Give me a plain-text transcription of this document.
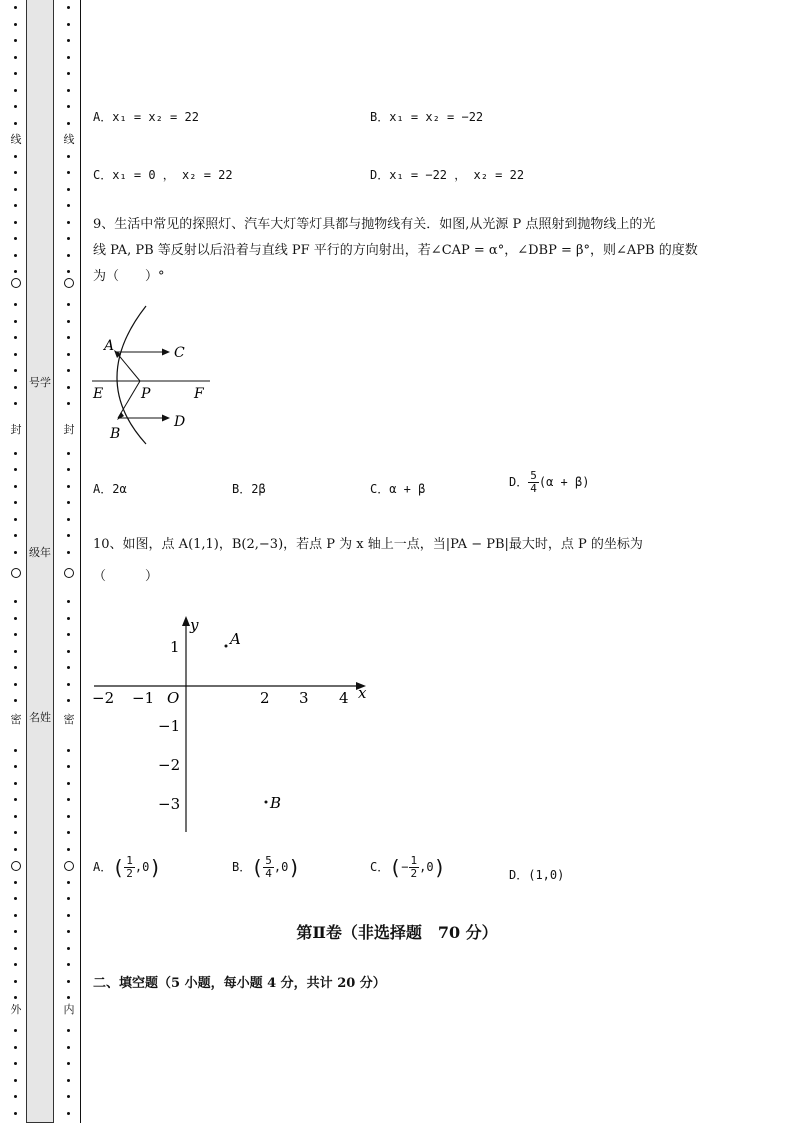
线
封
密
外
号学
级年
名姓
线
封
密
内
A．x₁ = x₂ = 22	B．x₁ = x₂ = −22
C．x₁ = 0 ， x₂ = 22	D．x₁ = −22 ， x₂ = 22
9、生活中常见的探照灯、汽车大灯等灯具都与抛物线有关．如图,从光源 P 点照射到抛物线上的光
线 PA, PB 等反射以后沿着与直线 PF 平行的方向射出，若∠CAP = α°，∠DBP = β°，则∠APB 的度数
为（　　）°
A	C
E	P	F
B
D
A．2α	B．2β	C．α + β	D． $\frac{5}{4} (\alpha + \beta)$
10、如图，点 A(1,1)，B(2,−3)，若点 P 为 x 轴上一点，当|PA − PB|最大时，点 P 的坐标为
（　　　）
x
y
O
−2 −1	2 3 4
1
−1
−2
−3
A
B
A．( $\frac{1}{2} ,0$)	B．( $\frac{5}{4} ,0$)	C．(− $\frac{1}{2} ,0$)	D．(1,0)
第Ⅱ卷（非选择题　70 分）
二、填空题（5 小题，每小题 4 分，共计 20 分）
